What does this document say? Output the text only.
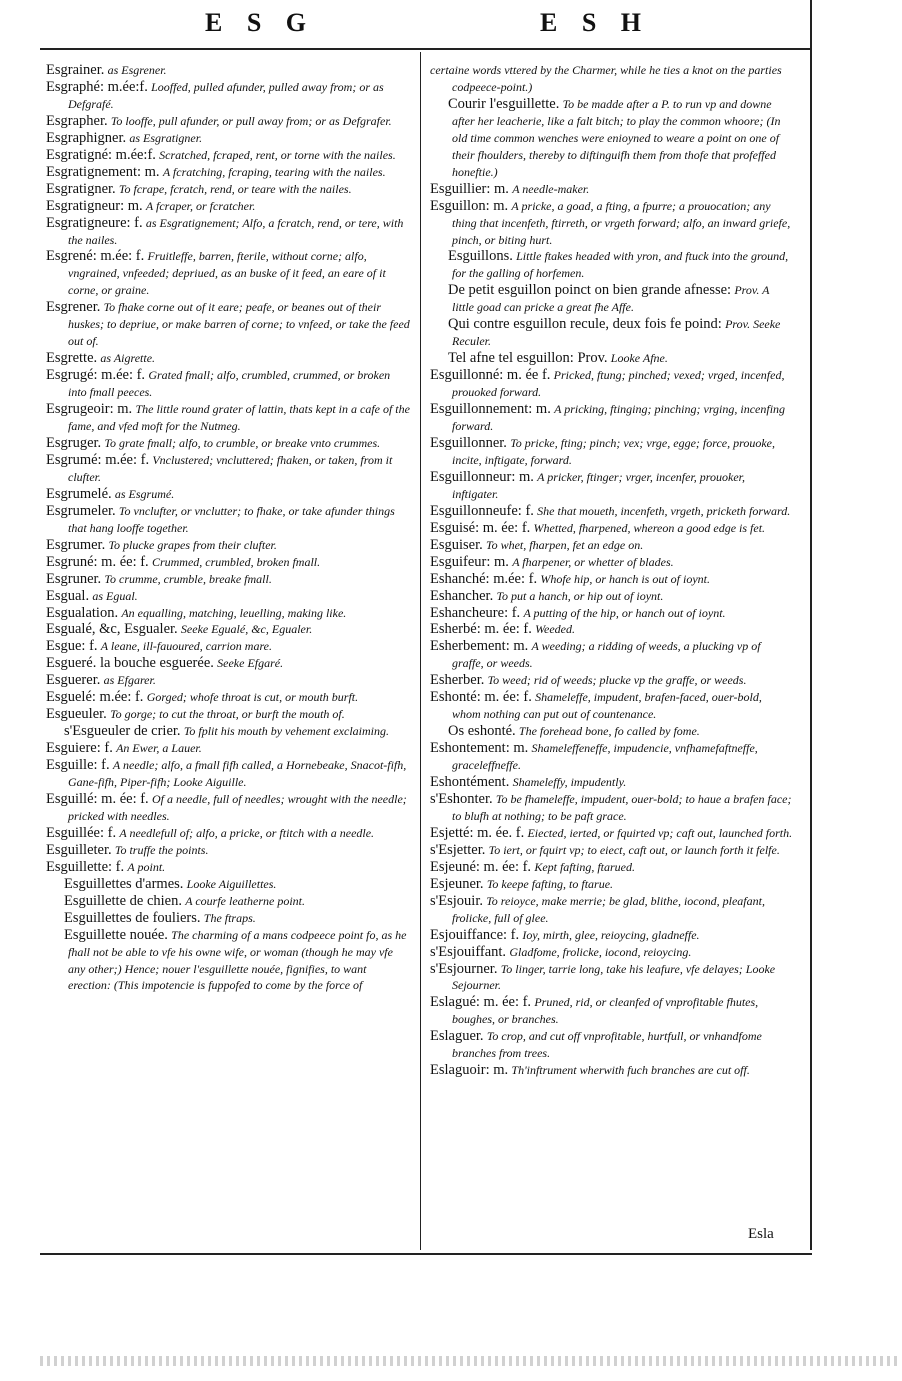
E S G	E S H

Esgrainer. as Esgrener.

Esgraphé: m.ée:f. Looffed, pulled afunder, pulled away from; or as Defgrafé.

Esgrapher. To looffe, pull afunder, or pull away from; or as Defgrafer.

Esgraphigner. as Esgratigner.

Esgratigné: m.ée:f. Scratched, fcraped, rent, or torne with the nailes.

Esgratignement: m. A fcratching, fcraping, tearing with the nailes.

Esgratigner. To fcrape, fcratch, rend, or teare with the nailes.

Esgratigneur: m. A fcraper, or fcratcher.

Esgratigneure: f. as Esgratignement; Alfo, a fcratch, rend, or tere, with the nailes.

Esgrené: m.ée: f. Fruitleffe, barren, fterile, without corne; alfo, vngrained, vnfeeded; depriued, as an buske of it feed, an eare of it corne, or graine.

Esgrener. To fhake corne out of it eare; peafe, or beanes out of their huskes; to depriue, or make barren of corne; to vnfeed, or take the feed out of.

Esgrette. as Aigrette.

Esgrugé: m.ée: f. Grated fmall; alfo, crumbled, crummed, or broken into fmall peeces.

Esgrugeoir: m. The little round grater of lattin, thats kept in a cafe of the fame, and vfed moft for the Nutmeg.

Esgruger. To grate fmall; alfo, to crumble, or breake vnto crummes.

Esgrumé: m.ée: f. Vnclustered; vncluttered; fhaken, or taken, from it clufter.

Esgrumelé. as Esgrumé.

Esgrumeler. To vnclufter, or vnclutter; to fhake, or take afunder things that hang looffe together.

Esgrumer. To plucke grapes from their clufter.

Esgruné: m. ée: f. Crummed, crumbled, broken fmall.

Esgruner. To crumme, crumble, breake fmall.

Esgual. as Egual.

Esgualation. An equalling, matching, leuelling, making like.

Esgualé, &c, Esgualer. Seeke Egualé, &c, Egualer.

Esgue: f. A leane, ill-fauoured, carrion mare.

Esgueré. la bouche esguerée. Seeke Efgaré.

Esguerer. as Efgarer.

Esguelé: m.ée: f. Gorged; whofe throat is cut, or mouth burft.

Esgueuler. To gorge; to cut the throat, or burft the mouth of.

s'Esgueuler de crier. To fplit his mouth by vehement exclaiming.

Esguiere: f. An Ewer, a Lauer.

Esguille: f. A needle; alfo, a fmall fifh called, a Hornebeake, Snacot-fifh, Gane-fifh, Piper-fifh; Looke Aiguille.

Esguillé: m. ée: f. Of a needle, full of needles; wrought with the needle; pricked with needles.

Esguillée: f. A needlefull of; alfo, a pricke, or ftitch with a needle.

Esguilleter. To truffe the points.

Esguillette: f. A point.

Esguillettes d'armes. Looke Aiguillettes.

Esguillette de chien. A courfe leatherne point.

Esguillettes de fouliers. The ftraps.

Esguillette nouée. The charming of a mans codpeece point fo, as he fhall not be able to vfe his owne wife, or woman (though he may vfe any other;) Hence; nouer l'esguillette nouée, fignifies, to want erection: (This impotencie is fuppofed to come by the force of

certaine words vttered by the Charmer, while he ties a knot on the parties codpeece-point.)

Courir l'esguillette. To be madde after a P. to run vp and downe after her leacherie, like a falt bitch; to play the common whoore; (In old time common wenches were enioyned to weare a point on one of their fhoulders, thereby to diftinguifh them from thofe that profeffed honeftie.)

Esguillier: m. A needle-maker.

Esguillon: m. A pricke, a goad, a fting, a fpurre; a prouocation; any thing that incenfeth, ftirreth, or vrgeth forward; alfo, an inward griefe, pinch, or biting hurt.

Esguillons. Little ftakes headed with yron, and ftuck into the ground, for the galling of horfemen.

De petit esguillon poinct on bien grande afnesse: Prov. A little goad can pricke a great fhe Affe.

Qui contre esguillon recule, deux fois fe poind: Prov. Seeke Reculer.

Tel afne tel esguillon: Prov. Looke Afne.

Esguillonné: m. ée f. Pricked, ftung; pinched; vexed; vrged, incenfed, prouoked forward.

Esguillonnement: m. A pricking, ftinging; pinching; vrging, incenfing forward.

Esguillonner. To pricke, fting; pinch; vex; vrge, egge; force, prouoke, incite, inftigate, forward.

Esguillonneur: m. A pricker, ftinger; vrger, incenfer, prouoker, inftigater.

Esguillonneufe: f. She that moueth, incenfeth, vrgeth, pricketh forward.

Esguisé: m. ée: f. Whetted, fharpened, whereon a good edge is fet.

Esguiser. To whet, fharpen, fet an edge on.

Esguifeur: m. A fharpener, or whetter of blades.

Eshanché: m.ée: f. Whofe hip, or hanch is out of ioynt.

Eshancher. To put a hanch, or hip out of ioynt.

Eshancheure: f. A putting of the hip, or hanch out of ioynt.

Esherbé: m. ée: f. Weeded.

Esherbement: m. A weeding; a ridding of weeds, a plucking vp of graffe, or weeds.

Esherber. To weed; rid of weeds; plucke vp the graffe, or weeds.

Eshonté: m. ée: f. Shameleffe, impudent, brafen-faced, ouer-bold, whom nothing can put out of countenance.

Os eshonté. The forehead bone, fo called by fome.

Eshontement: m. Shameleffeneffe, impudencie, vnfhamefaftneffe, graceleffneffe.

Eshontément. Shameleffy, impudently.

s'Eshonter. To be fhameleffe, impudent, ouer-bold; to haue a brafen face; to blufh at nothing; to be paft grace.

Esjetté: m. ée. f. Eiected, ierted, or fquirted vp; caft out, launched forth.

s'Esjetter. To iert, or fquirt vp; to eiect, caft out, or launch forth it felfe.

Esjeuné: m. ée: f. Kept fafting, ftarued.

Esjeuner. To keepe fafting, to ftarue.

s'Esjouir. To reioyce, make merrie; be glad, blithe, iocond, pleafant, frolicke, full of glee.

Esjouiffance: f. Ioy, mirth, glee, reioycing, gladneffe.

s'Esjouiffant. Gladfome, frolicke, iocond, reioycing.

s'Esjourner. To linger, tarrie long, take his leafure, vfe delayes; Looke Sejourner.

Eslagué: m. ée: f. Pruned, rid, or cleanfed of vnprofitable fhutes, boughes, or branches.

Eslaguer. To crop, and cut off vnprofitable, hurtfull, or vnhandfome branches from trees.

Eslaguoir: m. Th'inftrument wherwith fuch branches are cut off.

Esla
